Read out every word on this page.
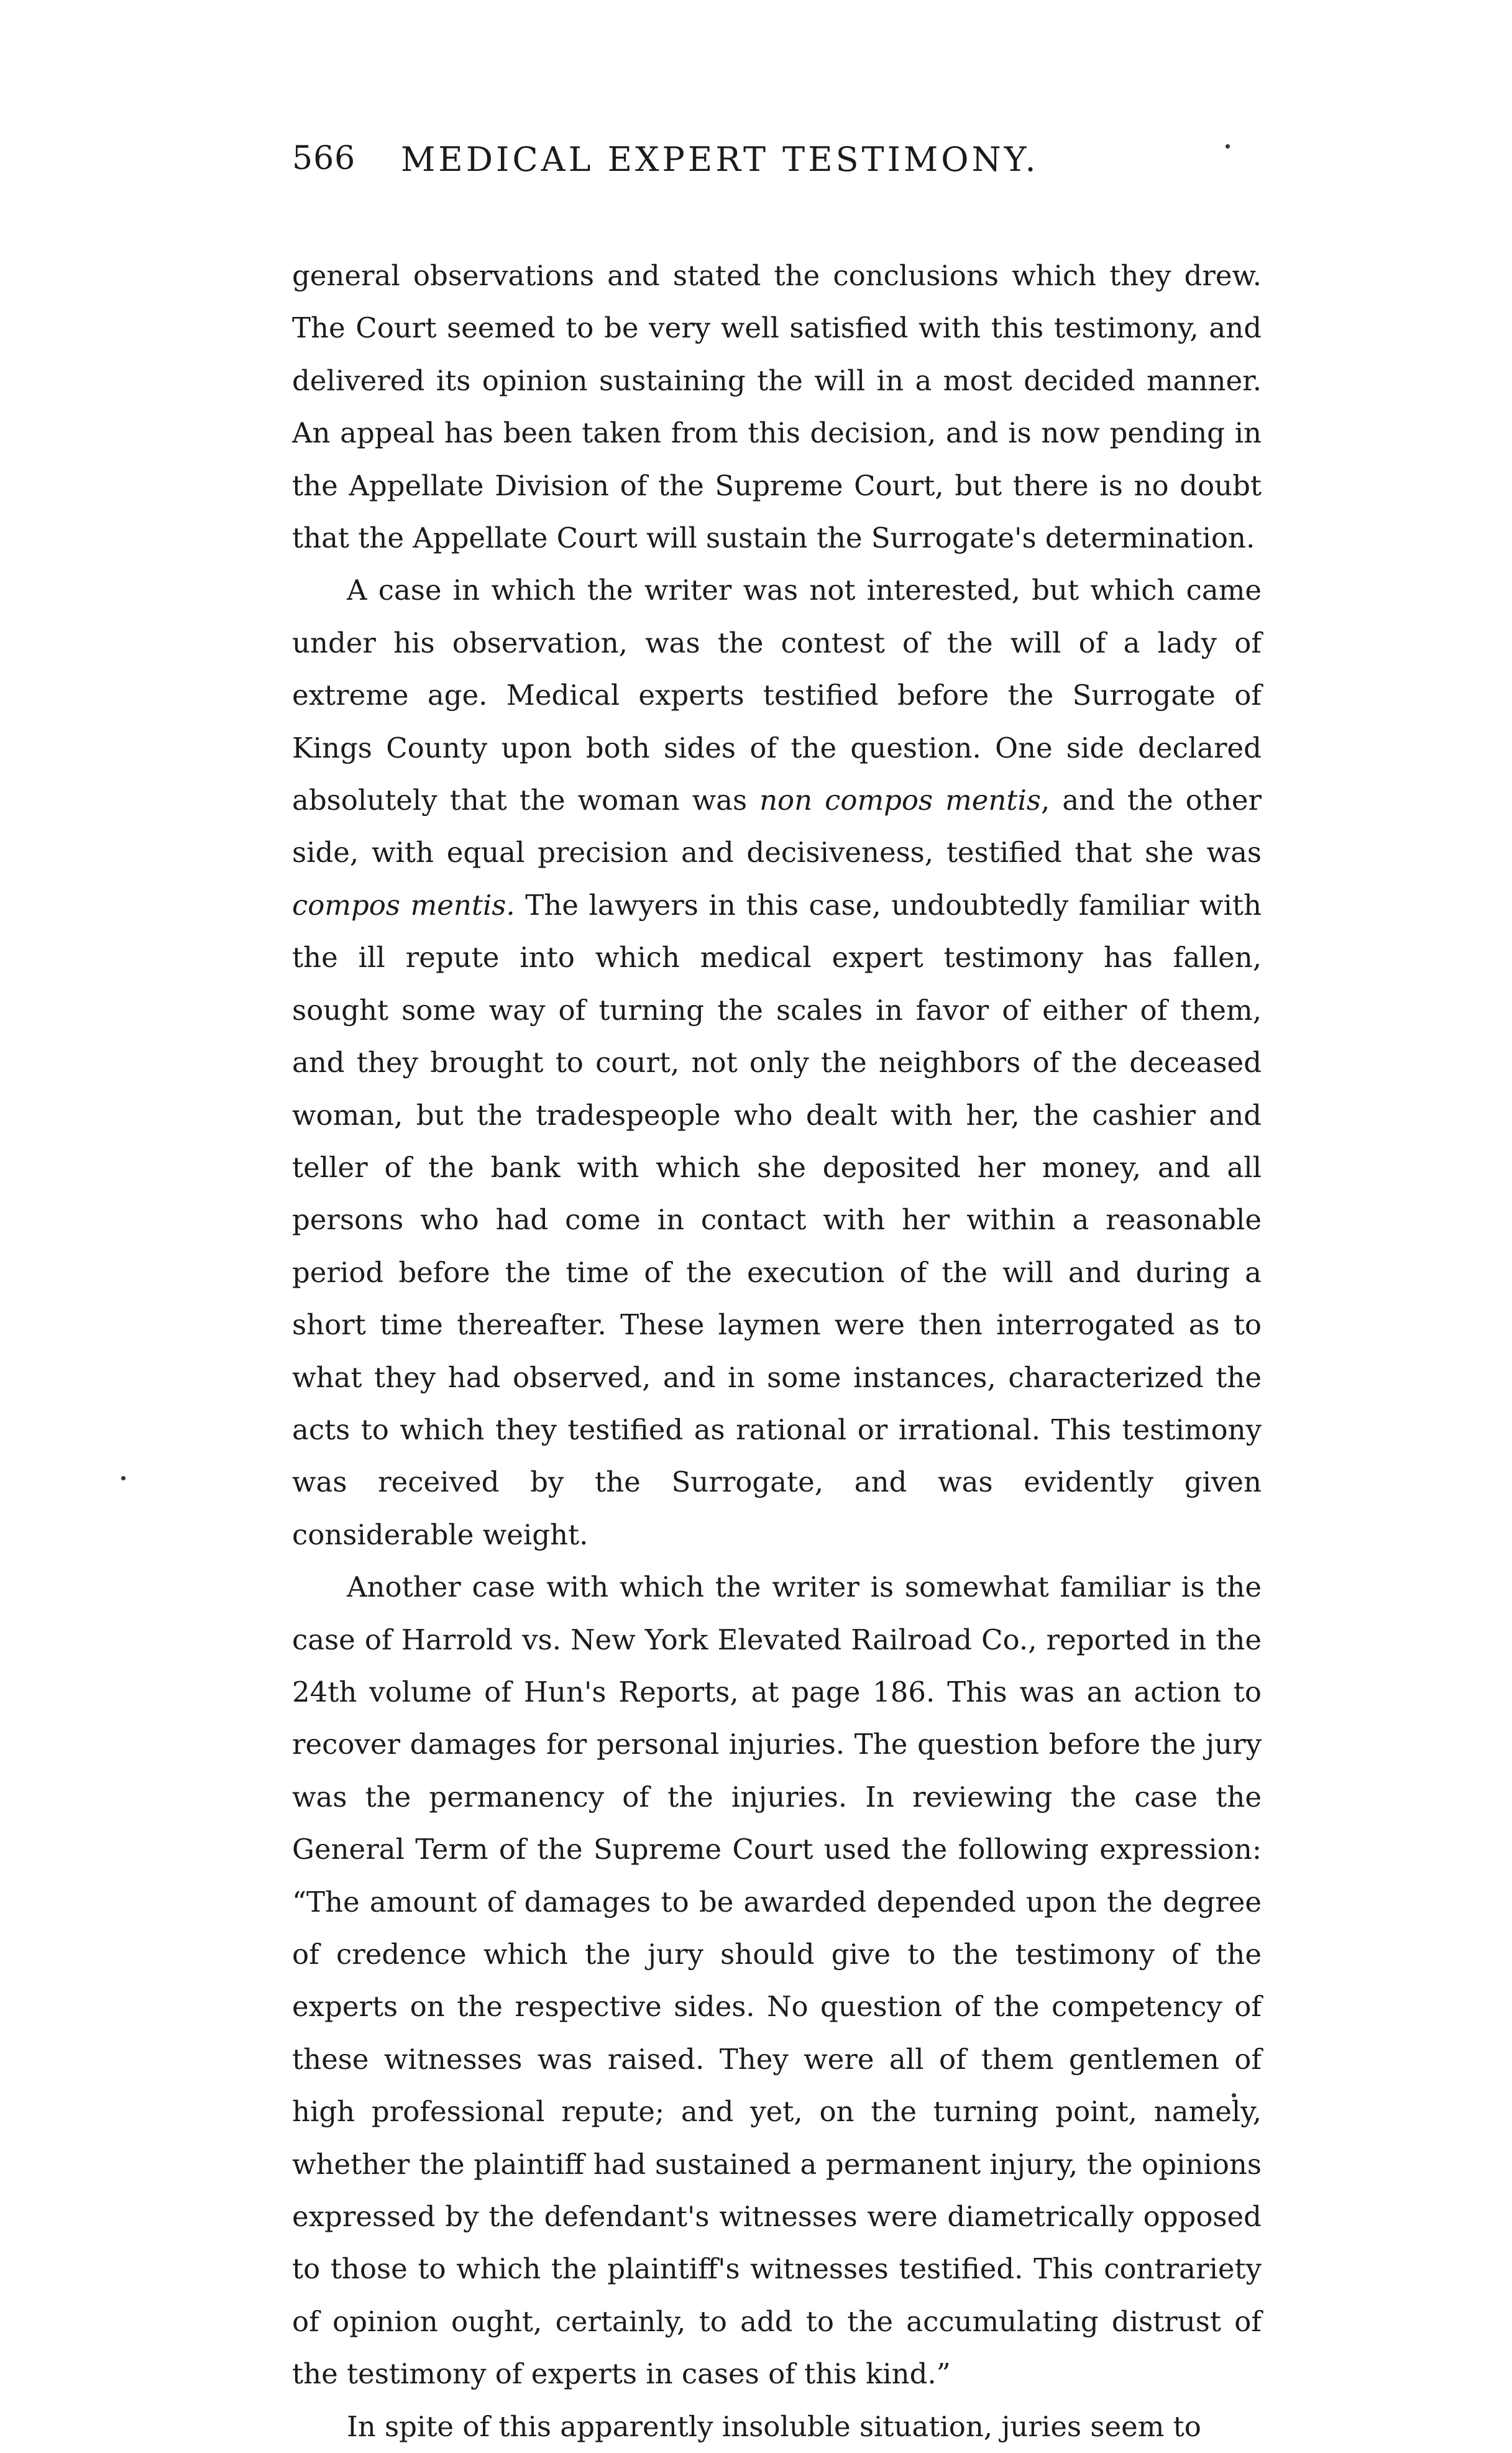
566 MEDICAL EXPERT TESTIMONY.

general observations and stated the conclusions which they drew. The Court seemed to be very well satisfied with this testimony, and delivered its opinion sustaining the will in a most decided manner. An appeal has been taken from this decision, and is now pending in the Appellate Division of the Supreme Court, but there is no doubt that the Appellate Court will sustain the Surrogate's determination.

A case in which the writer was not interested, but which came under his observation, was the contest of the will of a lady of extreme age. Medical experts testified before the Surrogate of Kings County upon both sides of the question. One side declared absolutely that the woman was non compos mentis, and the other side, with equal precision and decisiveness, testified that she was compos mentis. The lawyers in this case, undoubtedly familiar with the ill repute into which medical expert testimony has fallen, sought some way of turning the scales in favor of either of them, and they brought to court, not only the neighbors of the deceased woman, but the tradespeople who dealt with her, the cashier and teller of the bank with which she deposited her money, and all persons who had come in contact with her within a reasonable period before the time of the execution of the will and during a short time thereafter. These laymen were then interrogated as to what they had observed, and in some instances, characterized the acts to which they testified as rational or irrational. This testimony was received by the Surrogate, and was evidently given considerable weight.

Another case with which the writer is somewhat familiar is the case of Harrold vs. New York Elevated Railroad Co., reported in the 24th volume of Hun's Reports, at page 186. This was an action to recover damages for personal injuries. The question before the jury was the permanency of the injuries. In reviewing the case the General Term of the Supreme Court used the following expression: “The amount of damages to be awarded depended upon the degree of credence which the jury should give to the testimony of the experts on the respective sides. No question of the competency of these witnesses was raised. They were all of them gentlemen of high professional repute; and yet, on the turning point, namely, whether the plaintiff had sustained a permanent injury, the opinions expressed by the defendant's witnesses were diametrically opposed to those to which the plaintiff's witnesses testified. This contrariety of opinion ought, certainly, to add to the accumulating distrust of the testimony of experts in cases of this kind.”

In spite of this apparently insoluble situation, juries seem to
